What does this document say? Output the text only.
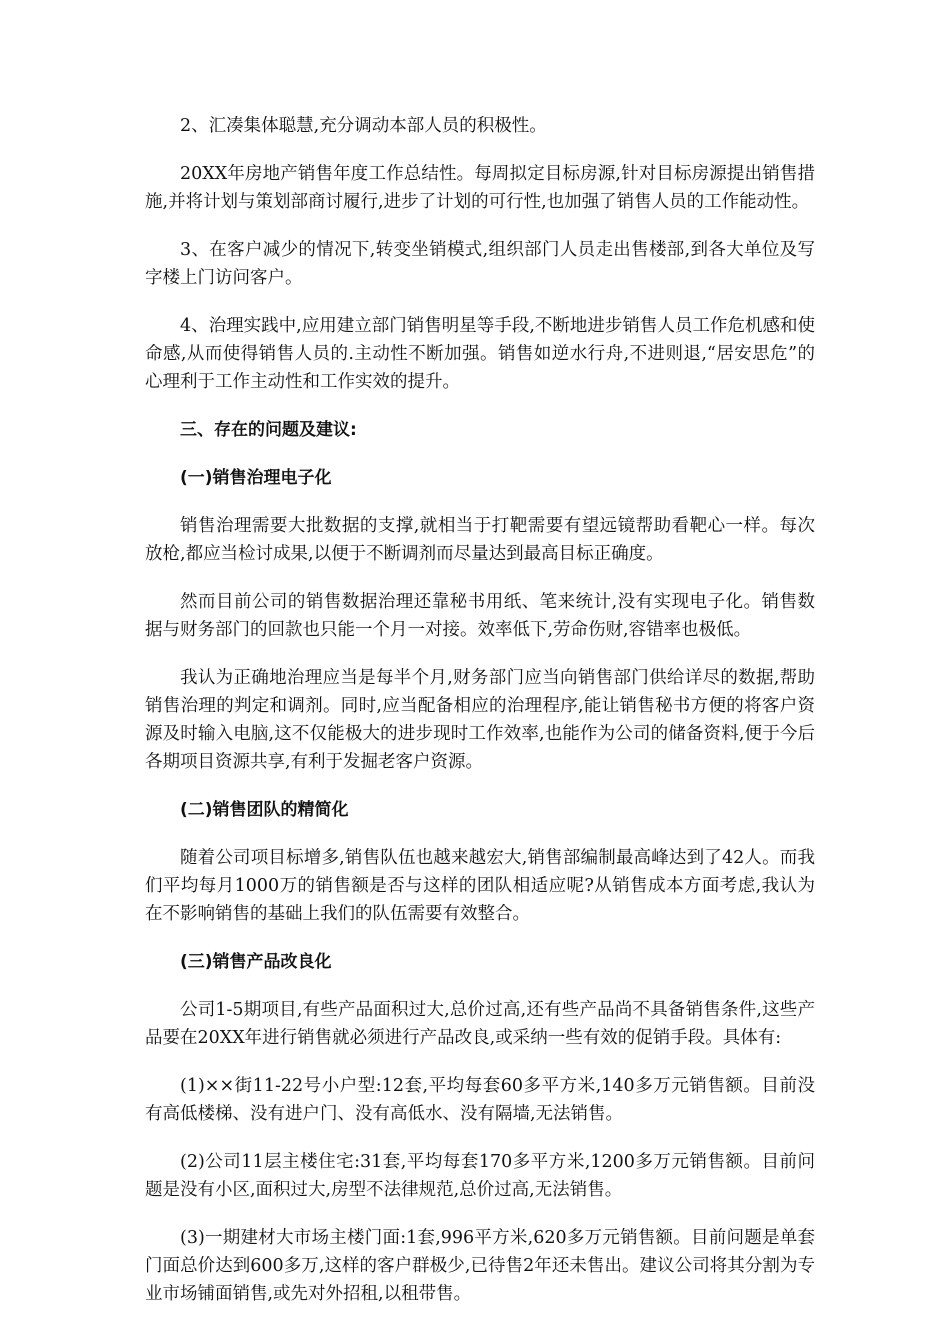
2、汇凑集体聪慧,充分调动本部人员的积极性。

20XX年房地产销售年度工作总结性。每周拟定目标房源,针对目标房源提出销售措施,并将计划与策划部商讨履行,进步了计划的可行性,也加强了销售人员的工作能动性。

3、在客户减少的情况下,转变坐销模式,组织部门人员走出售楼部,到各大单位及写字楼上门访问客户。

4、治理实践中,应用建立部门销售明星等手段,不断地进步销售人员工作危机感和使命感,从而使得销售人员的.主动性不断加强。销售如逆水行舟,不进则退,“居安思危”的心理利于工作主动性和工作实效的提升。

三、存在的问题及建议:

(一)销售治理电子化

销售治理需要大批数据的支撑,就相当于打靶需要有望远镜帮助看靶心一样。每次放枪,都应当检讨成果,以便于不断调剂而尽量达到最高目标正确度。

然而目前公司的销售数据治理还靠秘书用纸、笔来统计,没有实现电子化。销售数据与财务部门的回款也只能一个月一对接。效率低下,劳命伤财,容错率也极低。

我认为正确地治理应当是每半个月,财务部门应当向销售部门供给详尽的数据,帮助销售治理的判定和调剂。同时,应当配备相应的治理程序,能让销售秘书方便的将客户资源及时输入电脑,这不仅能极大的进步现时工作效率,也能作为公司的储备资料,便于今后各期项目资源共享,有利于发掘老客户资源。

(二)销售团队的精简化

随着公司项目标增多,销售队伍也越来越宏大,销售部编制最高峰达到了42人。而我们平均每月1000万的销售额是否与这样的团队相适应呢?从销售成本方面考虑,我认为在不影响销售的基础上我们的队伍需要有效整合。

(三)销售产品改良化

公司1-5期项目,有些产品面积过大,总价过高,还有些产品尚不具备销售条件,这些产品要在20XX年进行销售就必须进行产品改良,或采纳一些有效的促销手段。具体有:

(1)××街11-22号小户型:12套,平均每套60多平方米,140多万元销售额。目前没有高低楼梯、没有进户门、没有高低水、没有隔墙,无法销售。

(2)公司11层主楼住宅:31套,平均每套170多平方米,1200多万元销售额。目前问题是没有小区,面积过大,房型不法律规范,总价过高,无法销售。

(3)一期建材大市场主楼门面:1套,996平方米,620多万元销售额。目前问题是单套门面总价达到600多万,这样的客户群极少,已待售2年还未售出。建议公司将其分割为专业市场铺面销售,或先对外招租,以租带售。
